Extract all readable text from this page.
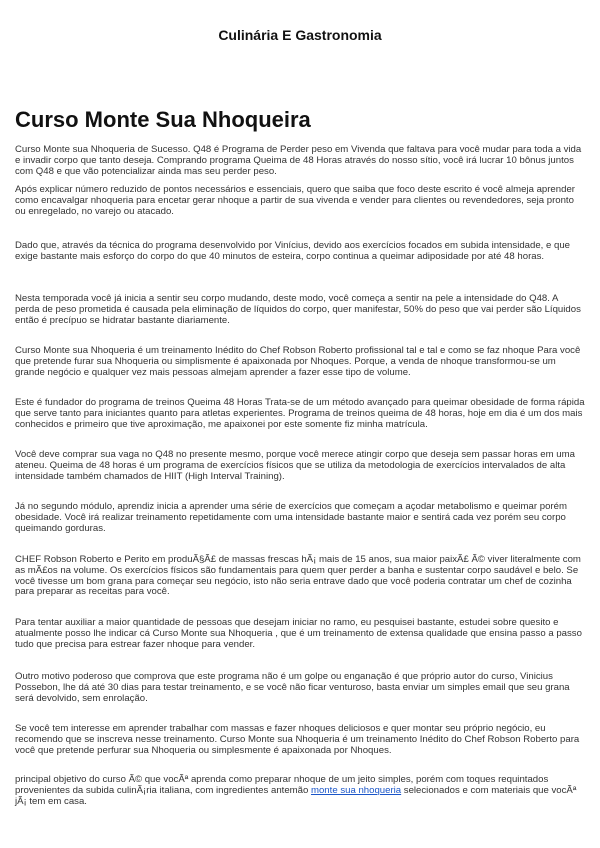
Culinária E Gastronomia
Curso Monte Sua Nhoqueira

Curso Monte sua Nhoqueria de Sucesso. Q48 é Programa de Perder peso em Vivenda que faltava para você mudar para toda a vida e invadir corpo que tanto deseja. Comprando programa Queima de 48 Horas através do nosso sítio, você irá lucrar 10 bônus juntos com Q48 e que vão potencializar ainda mas seu perder peso.

Após explicar número reduzido de pontos necessários e essenciais, quero que saiba que foco deste escrito é você almeja aprender como encavalgar nhoqueria para encetar gerar nhoque a partir de sua vivenda e vender para clientes ou revendedores, seja pronto ou enregelado, no varejo ou atacado.

Dado que, através da técnica do programa desenvolvido por Vinícius, devido aos exercícios focados em subida intensidade, e que exige bastante mais esforço do corpo do que 40 minutos de esteira, corpo continua a queimar adiposidade por até 48 horas.

Nesta temporada você já inicia a sentir seu corpo mudando, deste modo, você começa a sentir na pele a intensidade do Q48. A perda de peso prometida é causada pela eliminação de líquidos do corpo, quer manifestar, 50% do peso que vai perder são Líquidos então é precípuo se hidratar bastante diariamente.

Curso Monte sua Nhoqueria é um treinamento Inédito do Chef Robson Roberto profissional tal e tal e como se faz nhoque Para você que pretende furar sua Nhoqueria ou simplismente é apaixonada por Nhoques. Porque, a venda de nhoque transformou-se um grande negócio e qualquer vez mais pessoas almejam aprender a fazer esse tipo de volume.

Este é fundador do programa de treinos Queima 48 Horas Trata-se de um método avançado para queimar obesidade de forma rápida que serve tanto para iniciantes quanto para atletas experientes. Programa de treinos queima de 48 horas, hoje em dia é um dos mais conhecidos e primeiro que tive aproximação, me apaixonei por este somente fiz minha matrícula.

Você deve comprar sua vaga no Q48 no presente mesmo, porque você merece atingir corpo que deseja sem passar horas em uma ateneu. Queima de 48 horas é um programa de exercícios físicos que se utiliza da metodologia de exercícios intervalados de alta intensidade também chamados de HIIT (High Interval Training).

Já no segundo módulo, aprendiz inicia a aprender uma série de exercícios que começam a açodar metabolismo e queimar porém obesidade. Você irá realizar treinamento repetidamente com uma intensidade bastante maior e sentirá cada vez porém seu corpo queimando gorduras.

CHEF Robson Roberto e Perito em produÃ§Ã£ de massas frescas hÃ¡ mais de 15 anos, sua maior paixÃ£ Ã© viver literalmente com as mÃ£os na volume. Os exercícios físicos são fundamentais para quem quer perder a banha e sustentar corpo saudável e belo. Se você tivesse um bom grana para começar seu negócio, isto não seria entrave dado que você poderia contratar um chef de cozinha para preparar as receitas para você.

Para tentar auxiliar a maior quantidade de pessoas que desejam iniciar no ramo, eu pesquisei bastante, estudei sobre quesito e atualmente posso lhe indicar cá Curso Monte sua Nhoqueria , que é um treinamento de extensa qualidade que ensina passo a passo tudo que precisa para estrear fazer nhoque para vender.

Outro motivo poderoso que comprova que este programa não é um golpe ou enganação é que próprio autor do curso, Vinicius Possebon, lhe dá até 30 dias para testar treinamento, e se você não ficar venturoso, basta enviar um simples email que seu grana será devolvido, sem enrolação.

Se você tem interesse em aprender trabalhar com massas e fazer nhoques deliciosos e quer montar seu próprio negócio, eu recomendo que se inscreva nesse treinamento. Curso Monte sua Nhoqueria é um treinamento Inédito do Chef Robson Roberto para você que pretende perfurar sua Nhoqueria ou simplesmente é apaixonada por Nhoques.

principal objetivo do curso Ã© que vocÃª aprenda como preparar nhoque de um jeito simples, porém com toques requintados provenientes da subida culinÃ¡ria italiana, com ingredientes antemão monte sua nhoqueria selecionados e com materiais que vocÃª jÃ¡ tem em casa.
